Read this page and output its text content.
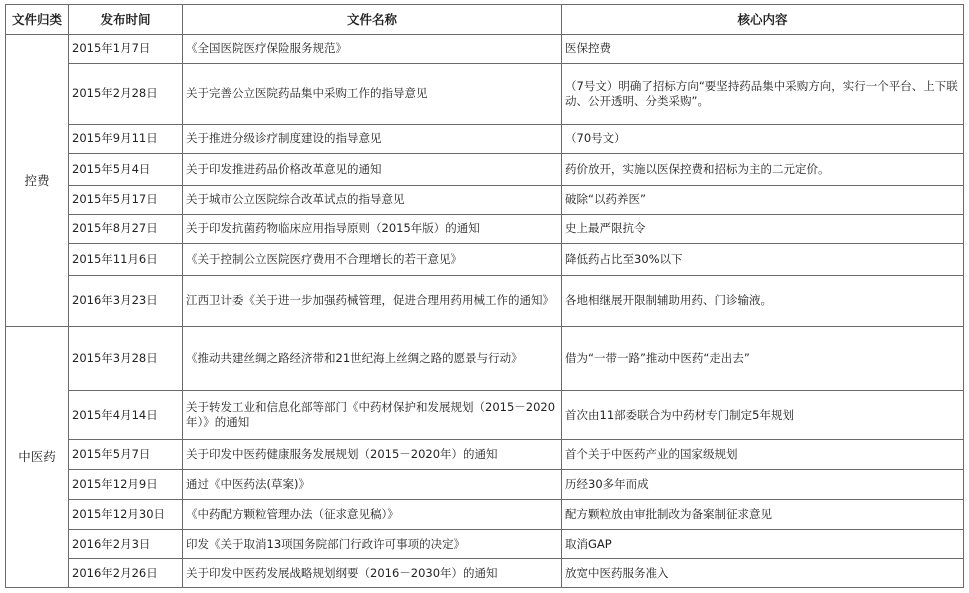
文件归类	发布时间	文件名称	核心内容
控费	2015年1月7日	《全国医院医疗保险服务规范》	医保控费
	2015年2月28日	关于完善公立医院药品集中采购工作的指导意见	（7号文）明确了招标方向“要坚持药品集中采购方向，实行一个平台、上下联动、公开透明、分类采购”。
	2015年9月11日	关于推进分级诊疗制度建设的指导意见	（70号文）
	2015年5月4日	关于印发推进药品价格改革意见的通知	药价放开，实施以医保控费和招标为主的二元定价。
	2015年5月17日	关于城市公立医院综合改革试点的指导意见	破除“以药养医”
	2015年8月27日	关于印发抗菌药物临床应用指导原则（2015年版）的通知	史上最严限抗令
	2015年11月6日	《关于控制公立医院医疗费用不合理增长的若干意见》	降低药占比至30%以下
	2016年3月23日	江西卫计委《关于进一步加强药械管理，促进合理用药用械工作的通知》	各地相继展开限制辅助用药、门诊输液。
中医药	2015年3月28日	《推动共建丝绸之路经济带和21世纪海上丝绸之路的愿景与行动》	借为“一带一路”推动中医药“走出去”
	2015年4月14日	关于转发工业和信息化部等部门《中药材保护和发展规划（2015－2020年）》的通知	首次由11部委联合为中药材专门制定5年规划
	2015年5月7日	关于印发中医药健康服务发展规划（2015－2020年）的通知	首个关于中医药产业的国家级规划
	2015年12月9日	通过《中医药法(草案)》	历经30多年而成
	2015年12月30日	《中药配方颗粒管理办法（征求意见稿）》	配方颗粒放由审批制改为备案制征求意见
	2016年2月3日	印发《关于取消13项国务院部门行政许可事项的决定》	取消GAP
	2016年2月26日	关于印发中医药发展战略规划纲要（2016－2030年）的通知	放宽中医药服务准入
